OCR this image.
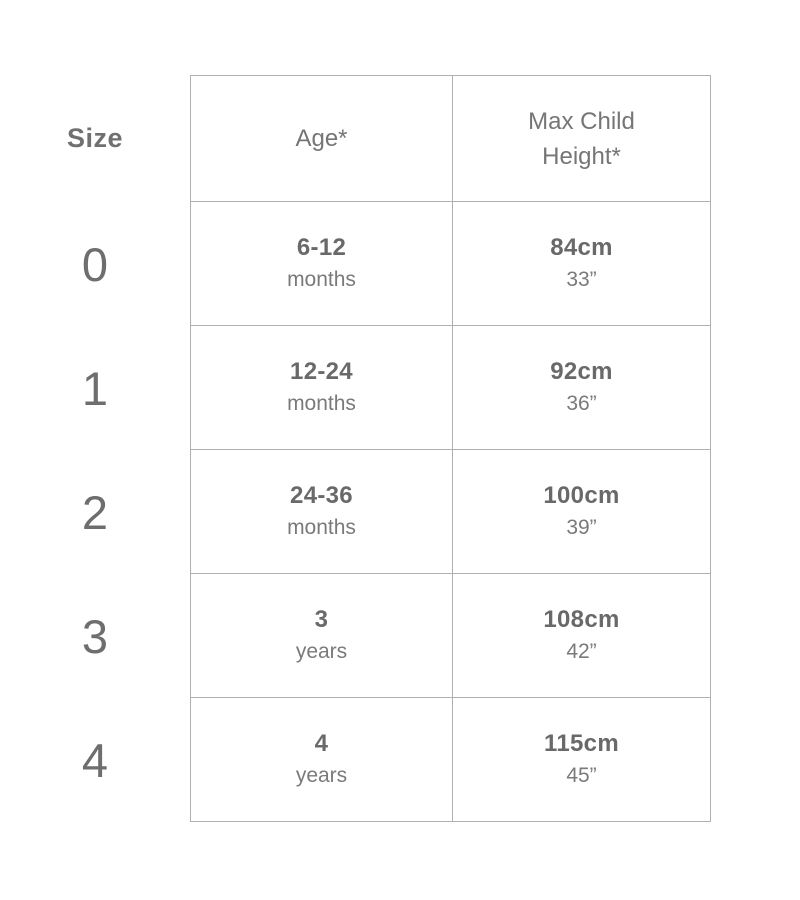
Size
0
1
2
3
4
Age*
Max Child Height*
6-12
months
84cm
33”
12-24
months
92cm
36”
24-36
months
100cm
39”
3
years
108cm
42”
4
years
115cm
45”
